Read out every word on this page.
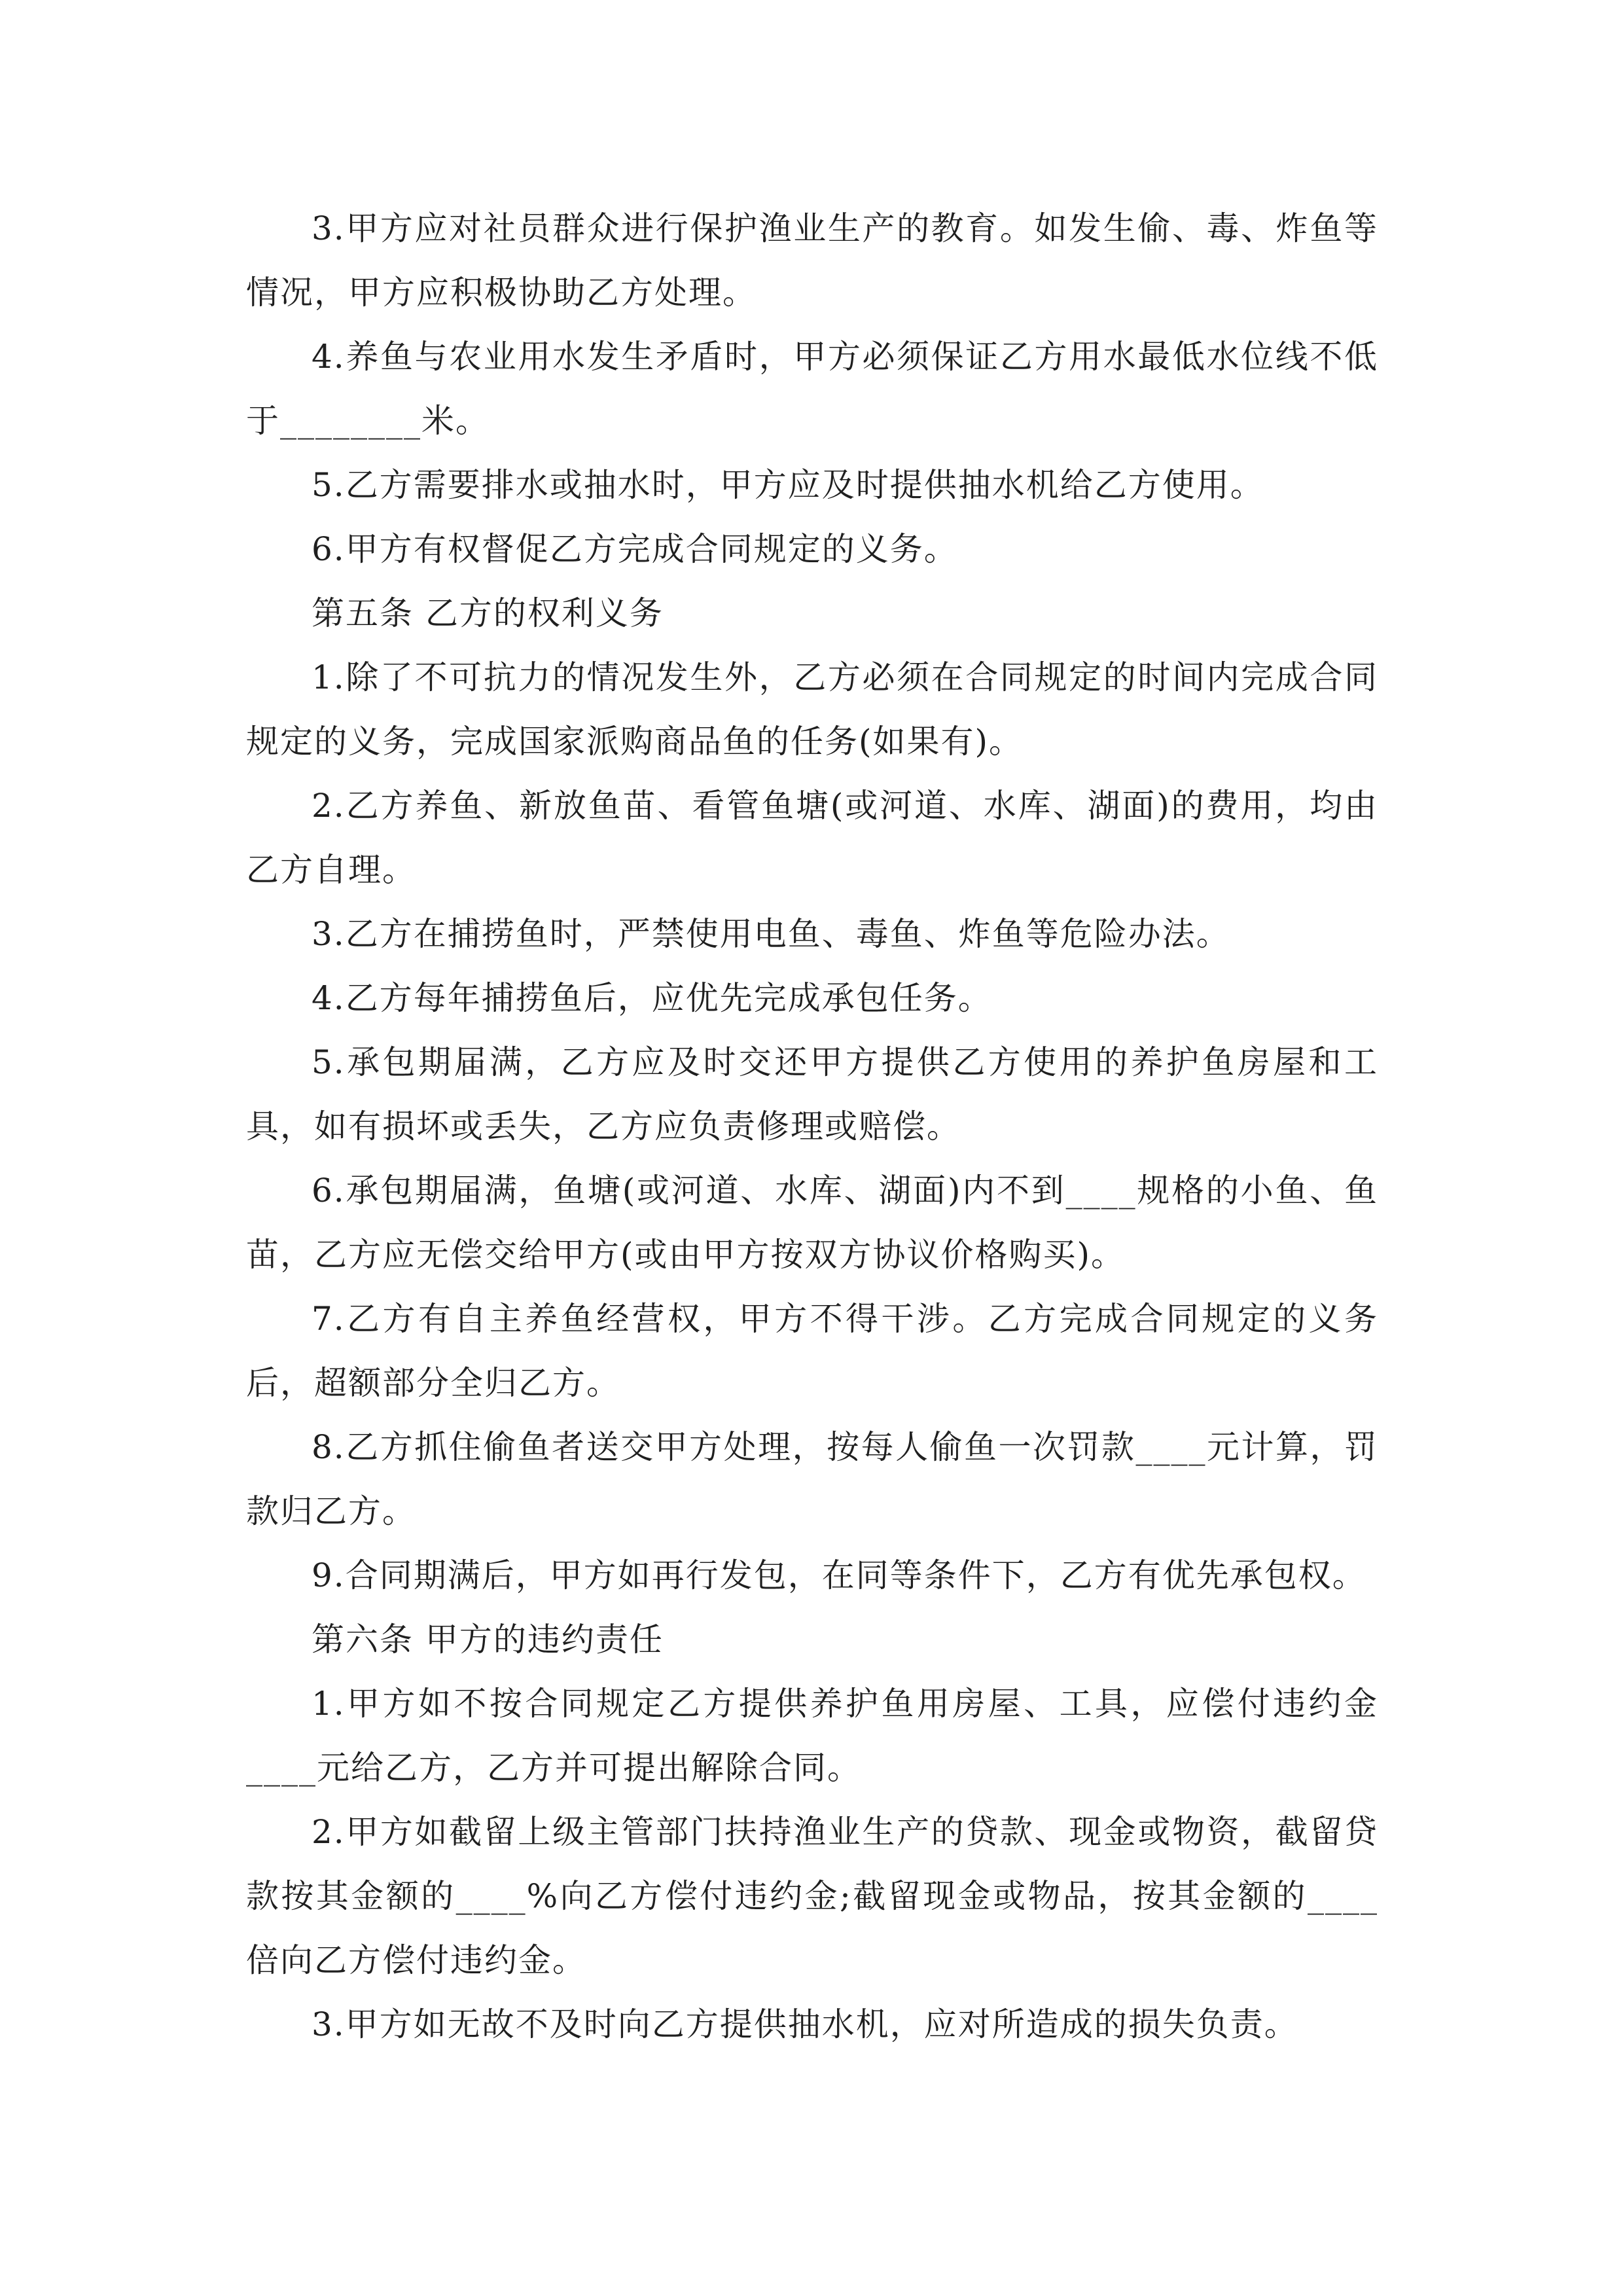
3.甲方应对社员群众进行保护渔业生产的教育。如发生偷、毒、炸鱼等情况，甲方应积极协助乙方处理。

4.养鱼与农业用水发生矛盾时，甲方必须保证乙方用水最低水位线不低于________米。

5.乙方需要排水或抽水时，甲方应及时提供抽水机给乙方使用。

6.甲方有权督促乙方完成合同规定的义务。

第五条 乙方的权利义务

1.除了不可抗力的情况发生外，乙方必须在合同规定的时间内完成合同规定的义务，完成国家派购商品鱼的任务(如果有)。

2.乙方养鱼、新放鱼苗、看管鱼塘(或河道、水库、湖面)的费用，均由乙方自理。

3.乙方在捕捞鱼时，严禁使用电鱼、毒鱼、炸鱼等危险办法。

4.乙方每年捕捞鱼后，应优先完成承包任务。

5.承包期届满，乙方应及时交还甲方提供乙方使用的养护鱼房屋和工具，如有损坏或丢失，乙方应负责修理或赔偿。

6.承包期届满，鱼塘(或河道、水库、湖面)内不到____规格的小鱼、鱼苗，乙方应无偿交给甲方(或由甲方按双方协议价格购买)。

7.乙方有自主养鱼经营权，甲方不得干涉。乙方完成合同规定的义务后，超额部分全归乙方。

8.乙方抓住偷鱼者送交甲方处理，按每人偷鱼一次罚款____元计算，罚款归乙方。

9.合同期满后，甲方如再行发包，在同等条件下，乙方有优先承包权。

第六条 甲方的违约责任

1.甲方如不按合同规定乙方提供养护鱼用房屋、工具，应偿付违约金____元给乙方，乙方并可提出解除合同。

2.甲方如截留上级主管部门扶持渔业生产的贷款、现金或物资，截留贷款按其金额的____%向乙方偿付违约金;截留现金或物品，按其金额的____倍向乙方偿付违约金。

3.甲方如无故不及时向乙方提供抽水机，应对所造成的损失负责。
